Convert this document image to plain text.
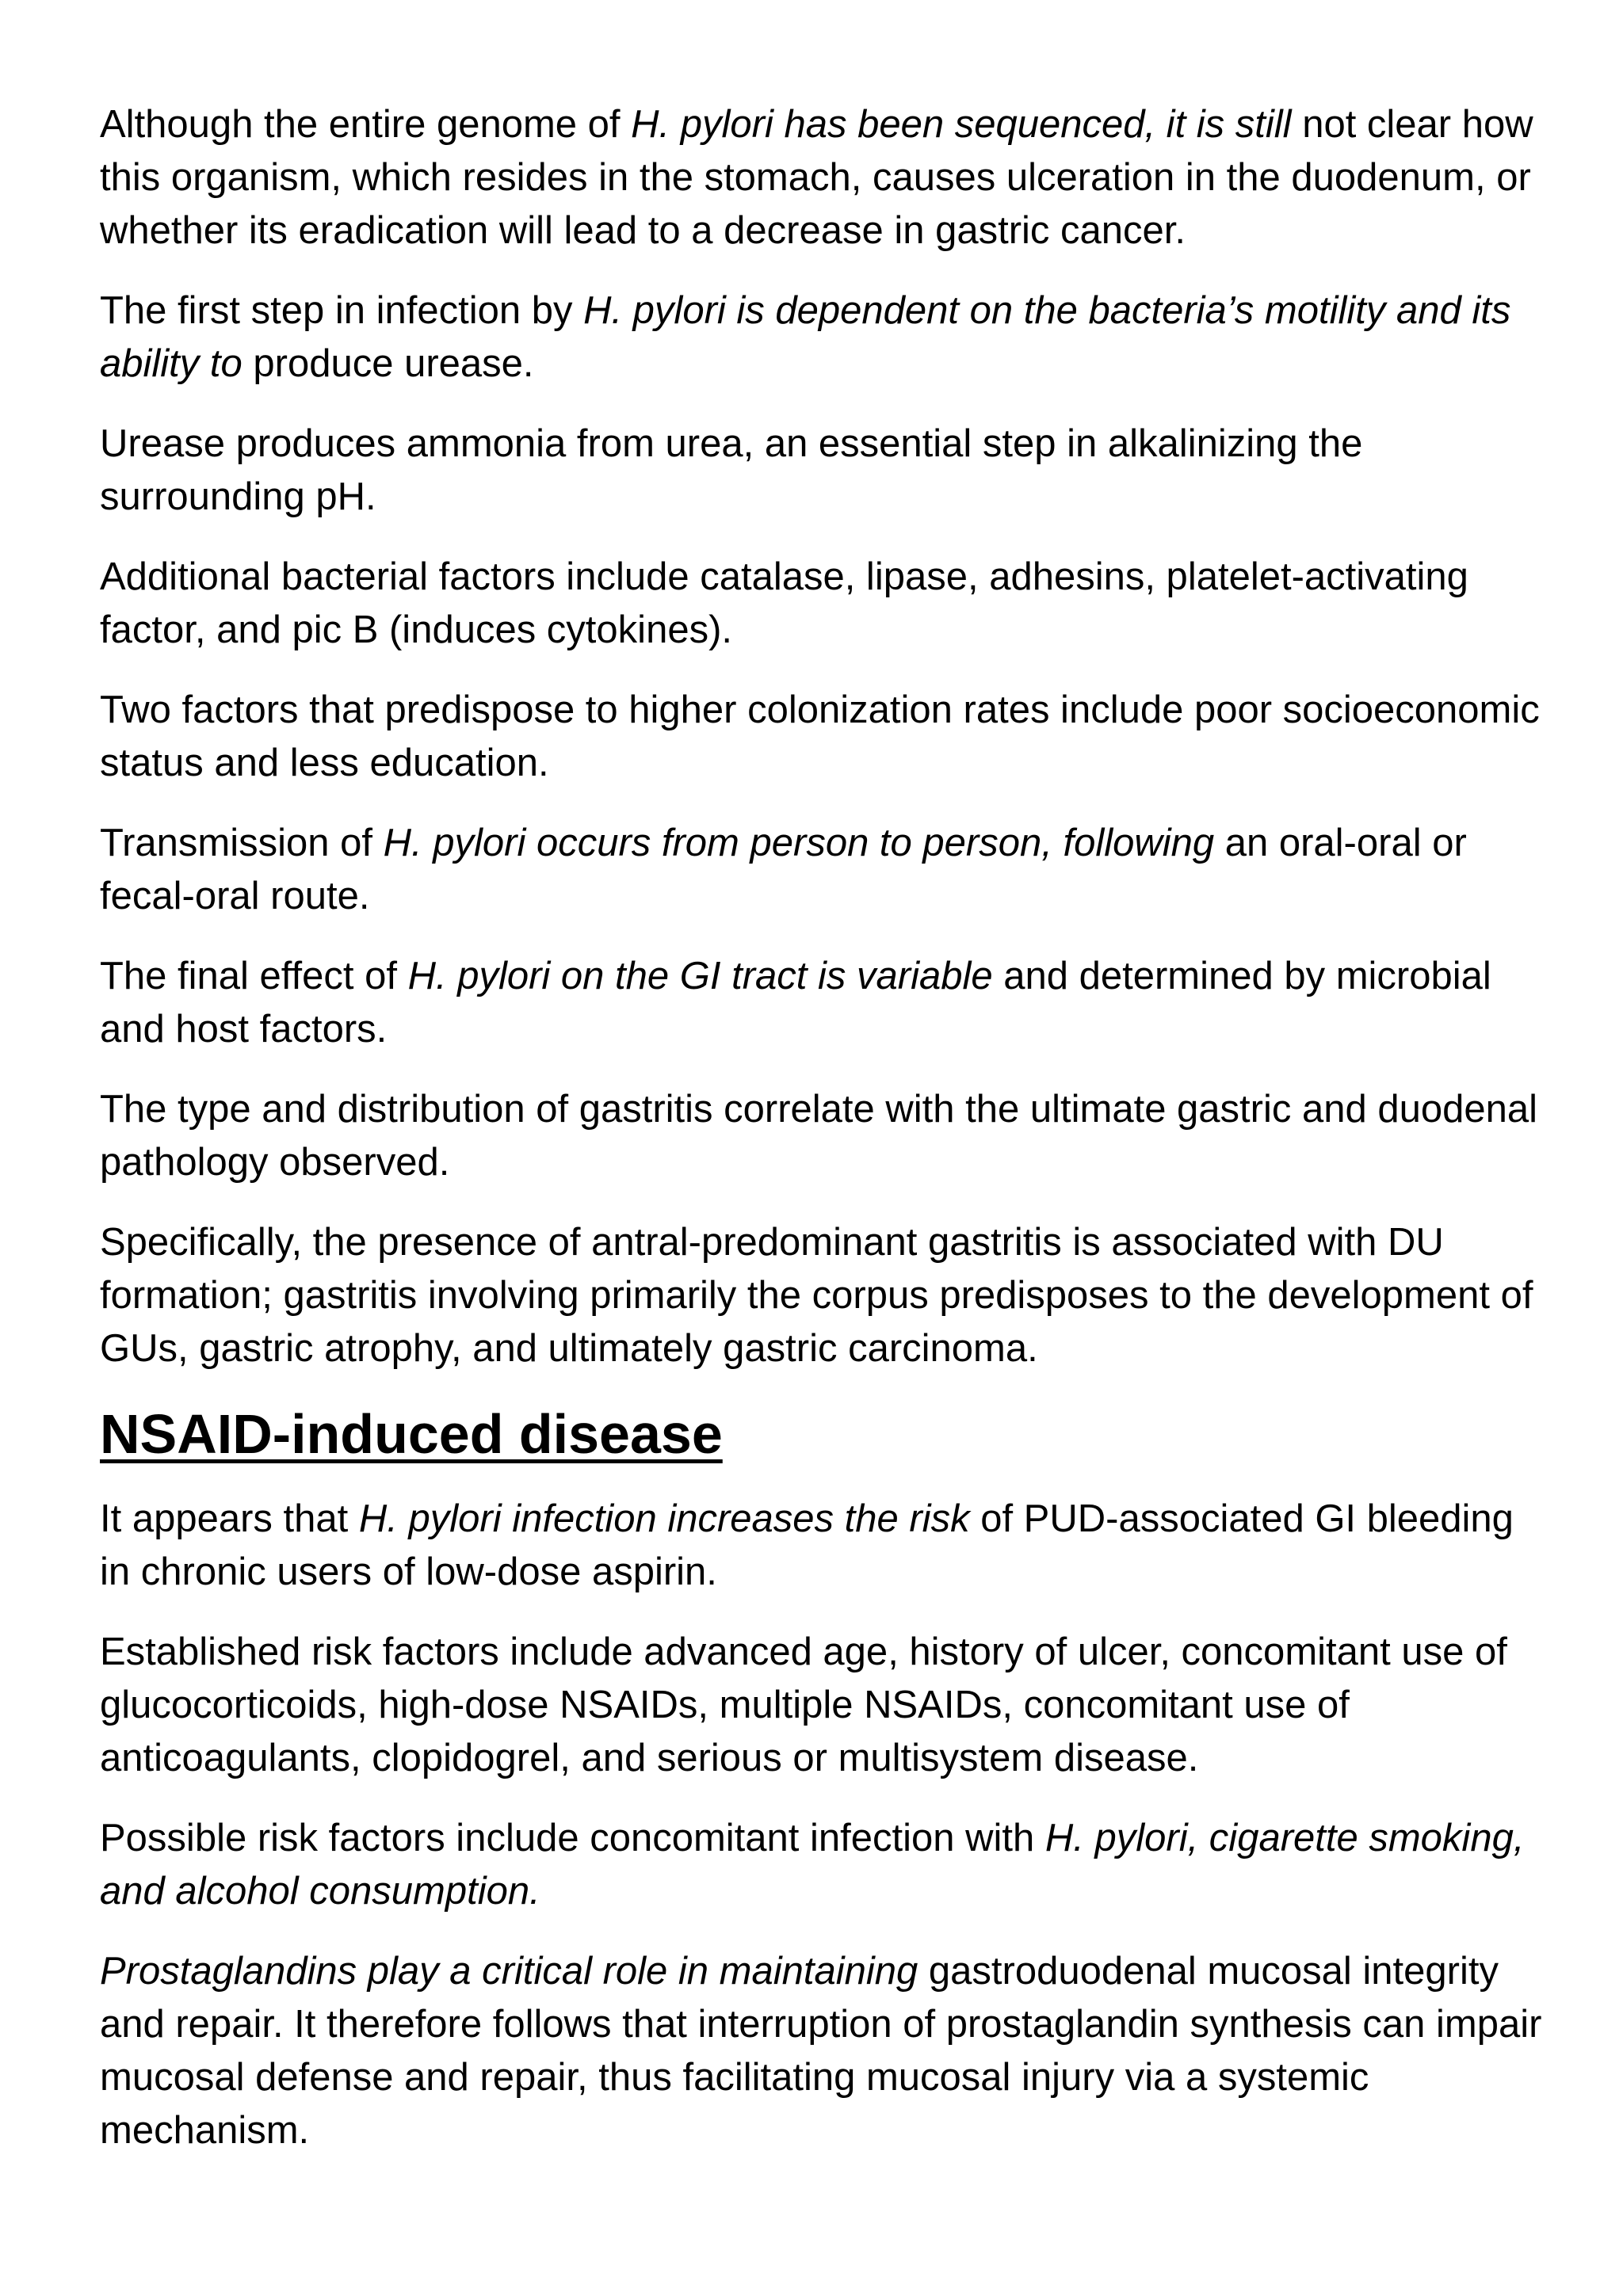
Although the entire genome of H. pylori has been sequenced, it is still not clear how this organism, which resides in the stomach, causes ulceration in the duodenum, or whether its eradication will lead to a decrease in gastric cancer.

The first step in infection by H. pylori is dependent on the bacteria’s motility and its ability to produce urease.

Urease produces ammonia from urea, an essential step in alkalinizing the surrounding pH.

Additional bacterial factors include catalase, lipase, adhesins, platelet-activating factor, and pic B (induces cytokines).

Two factors that predispose to higher colonization rates include poor socioeconomic status and less education.

Transmission of H. pylori occurs from person to person, following an oral-oral or fecal-oral route.

The final effect of H. pylori on the GI tract is variable and determined by microbial and host factors.

The type and distribution of gastritis correlate with the ultimate gastric and duodenal pathology observed.

Specifically, the presence of antral-predominant gastritis is associated with DU formation; gastritis involving primarily the corpus predisposes to the development of GUs, gastric atrophy, and ultimately gastric carcinoma.

NSAID-induced disease

It appears that H. pylori infection increases the risk of PUD-associated GI bleeding in chronic users of low-dose aspirin.

Established risk factors include advanced age, history of ulcer, concomitant use of glucocorticoids, high-dose NSAIDs, multiple NSAIDs, concomitant use of anticoagulants, clopidogrel, and serious or multisystem disease.

Possible risk factors include concomitant infection with H. pylori, cigarette smoking, and alcohol consumption.

Prostaglandins play a critical role in maintaining gastroduodenal mucosal integrity and repair. It therefore follows that interruption of prostaglandin synthesis can impair mucosal defense and repair, thus facilitating mucosal injury via a systemic mechanism.
